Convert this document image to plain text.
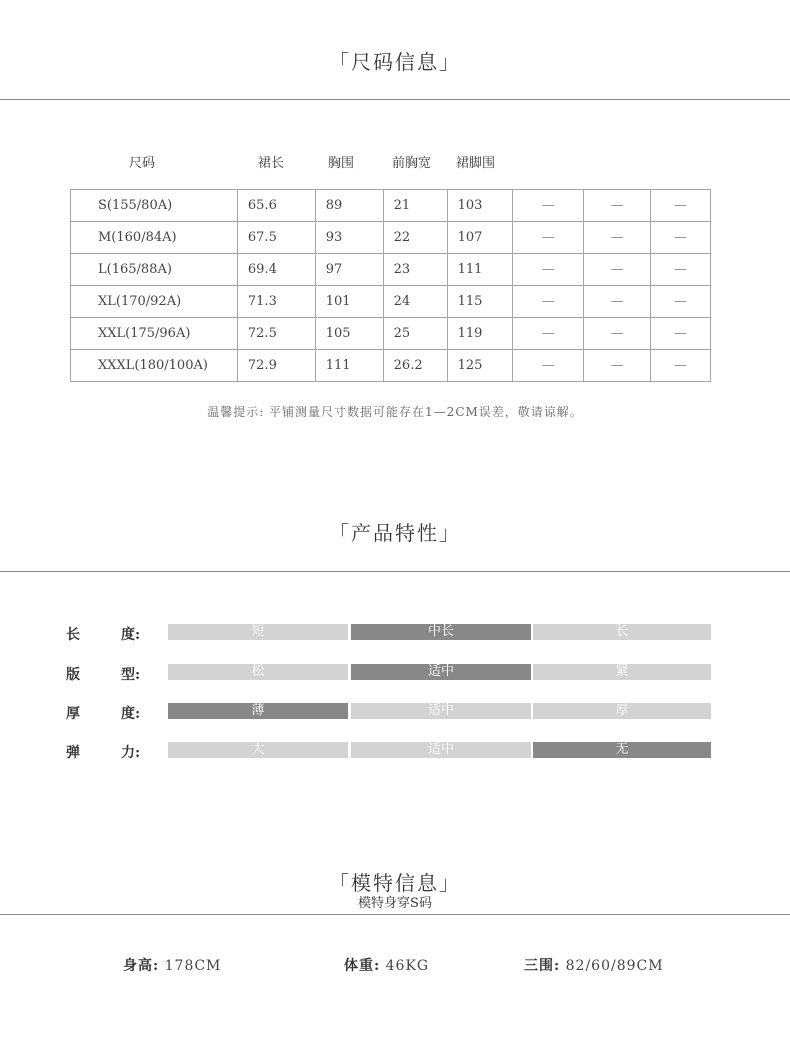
「尺码信息」
尺码	裙长	胸围	前胸宽 裙脚围
S(155/80A)	65.6	89	21	103	—	—	—
M(160/84A)	67.5	93	22	107	—	—	—
L(165/88A)	69.4	97	23	111	—	—	—
XL(170/92A)	71.3	101	24	115	—	—	—
XXL(175/96A)	72.5	105	25	119	—	—	—
XXXL(180/100A)	72.9	111	26.2	125	—	—	—
温馨提示: 平铺测量尺寸数据可能存在1—2CM误差，敬请谅解。
「产品特性」
长	度:	短	中长	长
版	型:	松	适中	紧
厚	度:	薄	适中	厚
弹	力:	大	适中	无
「模特信息」
模特身穿S码
身高: 178CM	体重: 46KG	三围: 82/60/89CM
